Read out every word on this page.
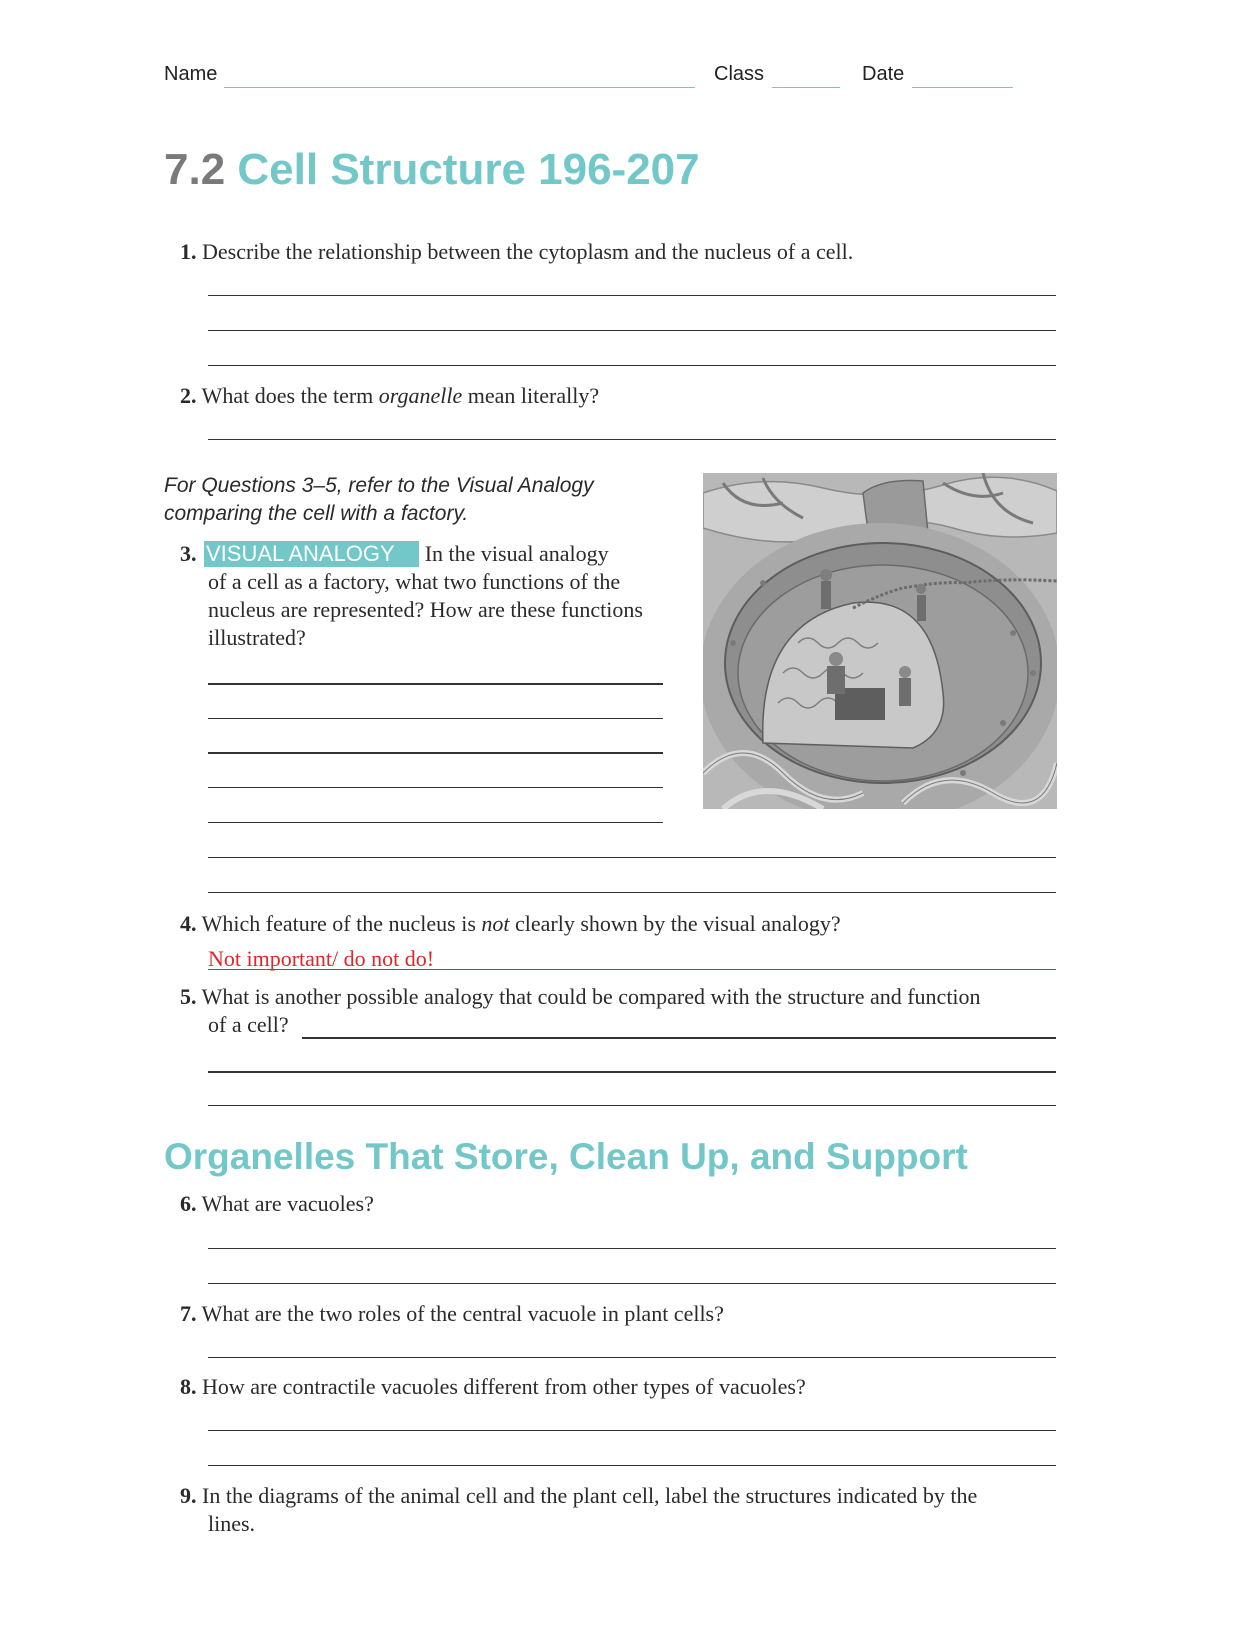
Name	Class	Date
7.2 Cell Structure 196-207
1. Describe the relationship between the cytoplasm and the nucleus of a cell.
2. What does the term organelle mean literally?
For Questions 3–5, refer to the Visual Analogy
comparing the cell with a factory.
3. VISUAL ANALOGY In the visual analogy
of a cell as a factory, what two functions of the
nucleus are represented? How are these functions
illustrated?
4. Which feature of the nucleus is not clearly shown by the visual analogy?
Not important/ do not do!
5. What is another possible analogy that could be compared with the structure and function
of a cell?
Organelles That Store, Clean Up, and Support
6. What are vacuoles?
7. What are the two roles of the central vacuole in plant cells?
8. How are contractile vacuoles different from other types of vacuoles?
9. In the diagrams of the animal cell and the plant cell, label the structures indicated by the
lines.
